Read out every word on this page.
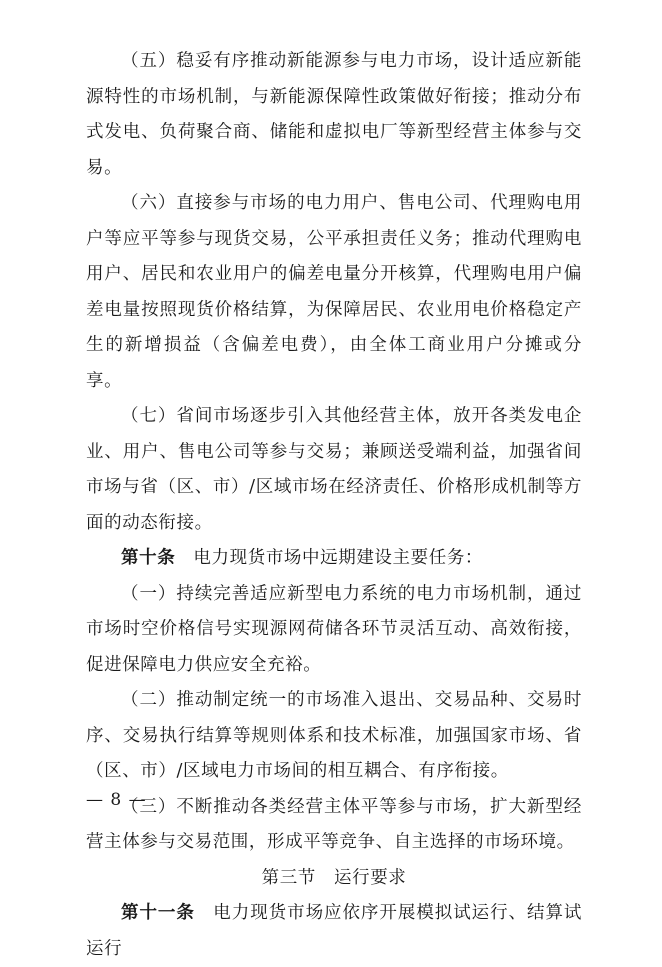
（五）稳妥有序推动新能源参与电力市场，设计适应新能源特性的市场机制，与新能源保障性政策做好衔接；推动分布式发电、负荷聚合商、储能和虚拟电厂等新型经营主体参与交易。

（六）直接参与市场的电力用户、售电公司、代理购电用户等应平等参与现货交易，公平承担责任义务；推动代理购电用户、居民和农业用户的偏差电量分开核算，代理购电用户偏差电量按照现货价格结算，为保障居民、农业用电价格稳定产生的新增损益（含偏差电费），由全体工商业用户分摊或分享。

（七）省间市场逐步引入其他经营主体，放开各类发电企业、用户、售电公司等参与交易；兼顾送受端利益，加强省间市场与省（区、市）/区域市场在经济责任、价格形成机制等方面的动态衔接。

第十条　 电力现货市场中远期建设主要任务：

（一）持续完善适应新型电力系统的电力市场机制，通过市场时空价格信号实现源网荷储各环节灵活互动、高效衔接，促进保障电力供应安全充裕。

（二）推动制定统一的市场准入退出、交易品种、交易时序、交易执行结算等规则体系和技术标准，加强国家市场、省（区、市）/区域电力市场间的相互耦合、有序衔接。

（三）不断推动各类经营主体平等参与市场，扩大新型经营主体参与交易范围，形成平等竞争、自主选择的市场环境。

第三节　运行要求

第十一条　 电力现货市场应依序开展模拟试运行、结算试运行

— 8 —
